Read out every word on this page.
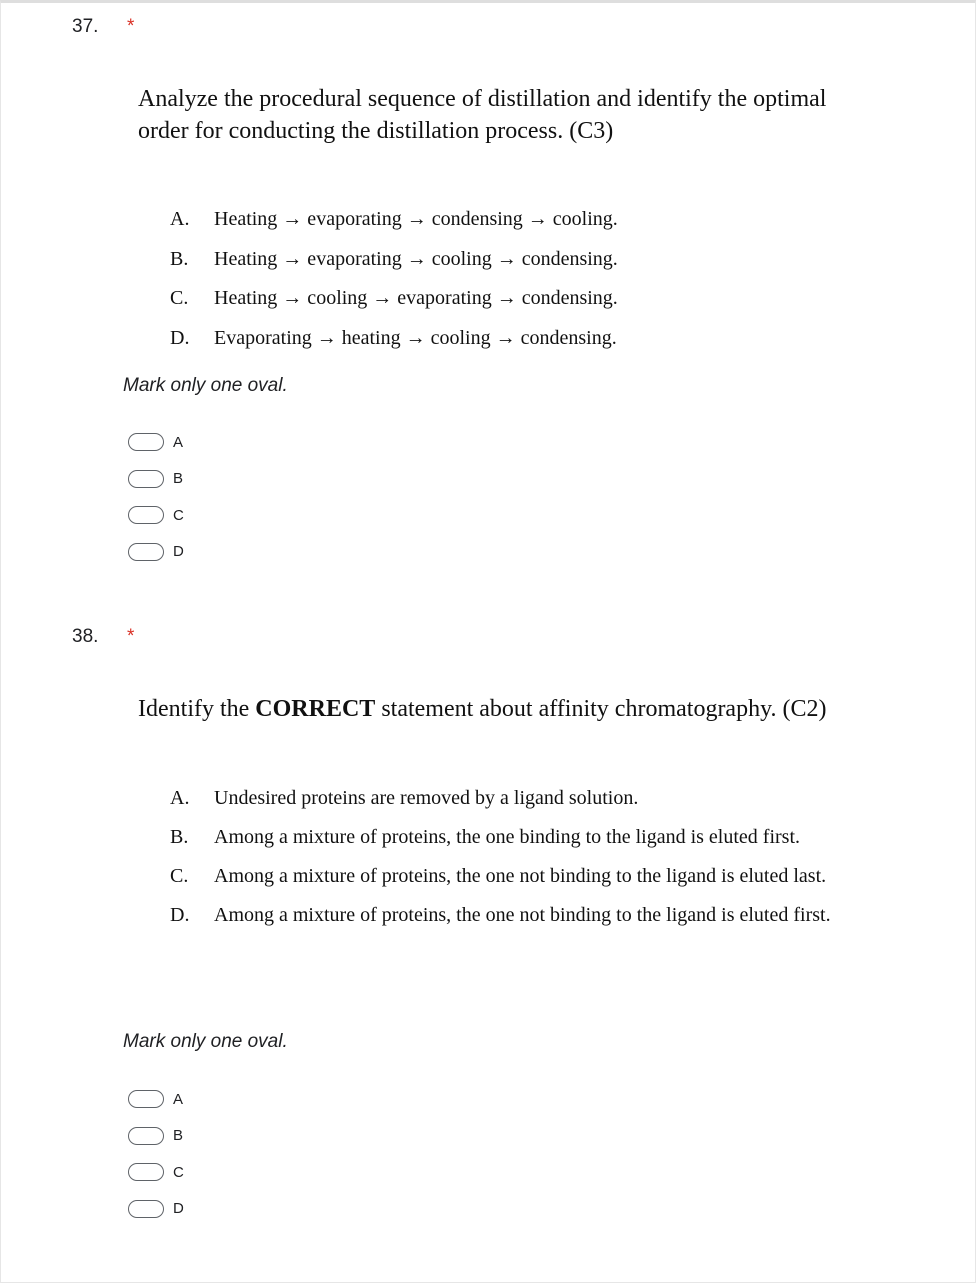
37. *
Analyze the procedural sequence of distillation and identify the optimal order for conducting the distillation process. (C3)
A.	Heating → evaporating → condensing → cooling.
B.	Heating → evaporating → cooling → condensing.
C.	Heating → cooling → evaporating → condensing.
D.	Evaporating → heating → cooling → condensing.
Mark only one oval.
A
B
C
D
38. *
Identify the CORRECT statement about affinity chromatography. (C2)
A.	Undesired proteins are removed by a ligand solution.
B.	Among a mixture of proteins, the one binding to the ligand is eluted first.
C.	Among a mixture of proteins, the one not binding to the ligand is eluted last.
D.	Among a mixture of proteins, the one not binding to the ligand is eluted first.
Mark only one oval.
A
B
C
D
